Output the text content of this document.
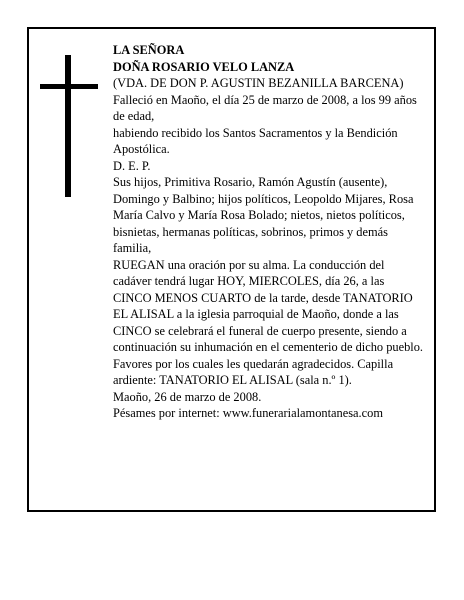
LA SEÑORA

DOÑA ROSARIO VELO LANZA

(VDA. DE DON P. AGUSTIN BEZANILLA BARCENA)

Falleció en Maoño, el día 25 de marzo de 2008, a los 99 años de edad,

habiendo recibido los Santos Sacramentos y la Bendición Apostólica.

D. E. P.

Sus hijos, Primitiva Rosario, Ramón Agustín (ausente), Domingo y Balbino; hijos políticos, Leopoldo Mijares, Rosa María Calvo y María Rosa Bolado; nietos, nietos políticos, bisnietas, hermanas políticas, sobrinos, primos y demás familia,

RUEGAN una oración por su alma. La conducción del cadáver tendrá lugar HOY, MIERCOLES, día 26, a las CINCO MENOS CUARTO de la tarde, desde TANATORIO EL ALISAL a la iglesia parroquial de Maoño, donde a las CINCO se celebrará el funeral de cuerpo presente, siendo a continuación su inhumación en el cementerio de dicho pueblo. Favores por los cuales les quedarán agradecidos. Capilla ardiente: TANATORIO EL ALISAL (sala n.º 1).

Maoño, 26 de marzo de 2008.

Pésames por internet: www.funerarialamontanesa.com
